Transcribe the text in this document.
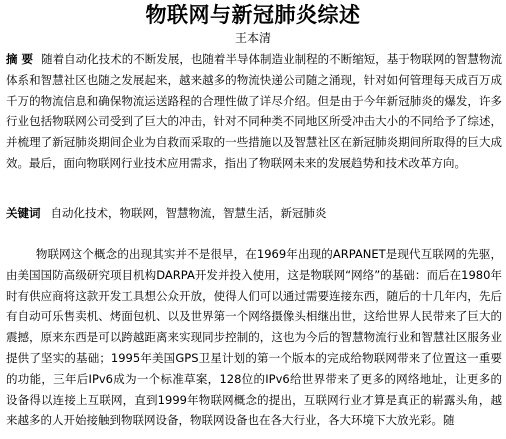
物联网与新冠肺炎综述
王本清
摘 要 随着自动化技术的不断发展，也随着半导体制造业制程的不断缩短，基于物联网的智慧物流体系和智慧社区也随之发展起来，越来越多的物流快递公司随之涌现，针对如何管理每天成百万成千万的物流信息和确保物流运送路程的合理性做了详尽介绍。但是由于今年新冠肺炎的爆发，许多行业包括物联网公司受到了巨大的冲击，针对不同种类不同地区所受冲击大小的不同给予了综述，并梳理了新冠肺炎期间企业为自救而采取的一些措施以及智慧社区在新冠肺炎期间所取得的巨大成效。最后，面向物联网行业技术应用需求，指出了物联网未来的发展趋势和技术改革方向。
关键词 自动化技术，物联网，智慧物流，智慧生活，新冠肺炎
物联网这个概念的出现其实并不是很早，在1969年出现的ARPANET是现代互联网的先驱，由美国国防高级研究项目机构DARPA开发并投入使用，这是物联网“网络”的基础：而后在1980年时有供应商将这款开发工具想公众开放，使得人们可以通过需要连接东西，随后的十几年内，先后有自动可乐售卖机、烤面包机、以及世界第一个网络摄像头相继出世，这给世界人民带来了巨大的震撼，原来东西是可以跨越距离来实现同步控制的，这也为今后的智慧物流行业和智慧社区服务业提供了坚实的基础；1995年美国GPS卫星计划的第一个版本的完成给物联网带来了位置这一重要的功能，三年后IPv6成为一个标准草案，128位的IPv6给世界带来了更多的网络地址，让更多的设备得以连接上互联网，直到1999年物联网概念的提出，互联网行业才算是真正的崭露头角，越来越多的人开始接触到物联网设备，物联网设备也在各大行业，各大环境下大放光彩。随
